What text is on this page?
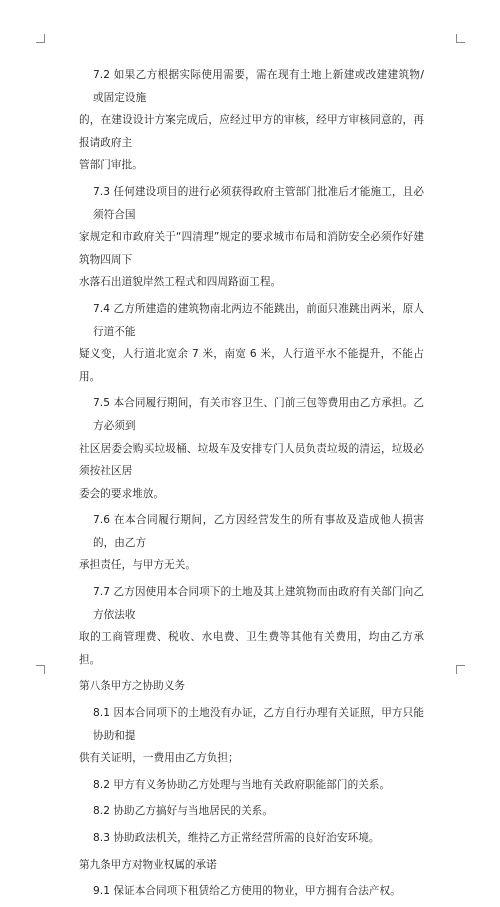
7.2 如果乙方根据实际使用需要，需在现有土地上新建或改建建筑物/或固定设施
的，在建设设计方案完成后，应经过甲方的审核，经甲方审核同意的，再报请政府主
管部门审批。
7.3 任何建设项目的进行必须获得政府主管部门批准后才能施工，且必须符合国
家规定和市政府关于“四清理”规定的要求城市布局和消防安全必须作好建筑物四周下
水落石出道貌岸然工程式和四周路面工程。
7.4 乙方所建造的建筑物南北两边不能跳出，前面只准跳出两米，原人行道不能
疑义变，人行道北宽余 7 米，南宽 6 米，人行道平水不能提升，不能占用。
7.5 本合同履行期间，有关市容卫生、门前三包等费用由乙方承担。乙方必须到
社区居委会购买垃圾桶、垃圾车及安排专门人员负责垃圾的清运，垃圾必须按社区居
委会的要求堆放。
7.6 在本合同履行期间，乙方因经营发生的所有事故及造成他人损害的，由乙方
承担责任，与甲方无关。
7.7 乙方因使用本合同项下的土地及其上建筑物而由政府有关部门向乙方依法收
取的工商管理费、税收、水电费、卫生费等其他有关费用，均由乙方承担。
第八条甲方之协助义务
8.1 因本合同项下的土地没有办证，乙方自行办理有关证照，甲方只能协助和提
供有关证明，一费用由乙方负担；
8.2 甲方有义务协助乙方处理与当地有关政府职能部门的关系。
8.2 协助乙方搞好与当地居民的关系。
8.3 协助政法机关，维持乙方正常经营所需的良好治安环境。
第九条甲方对物业权属的承诺
9.1 保证本合同项下租赁给乙方使用的物业，甲方拥有合法产权。
